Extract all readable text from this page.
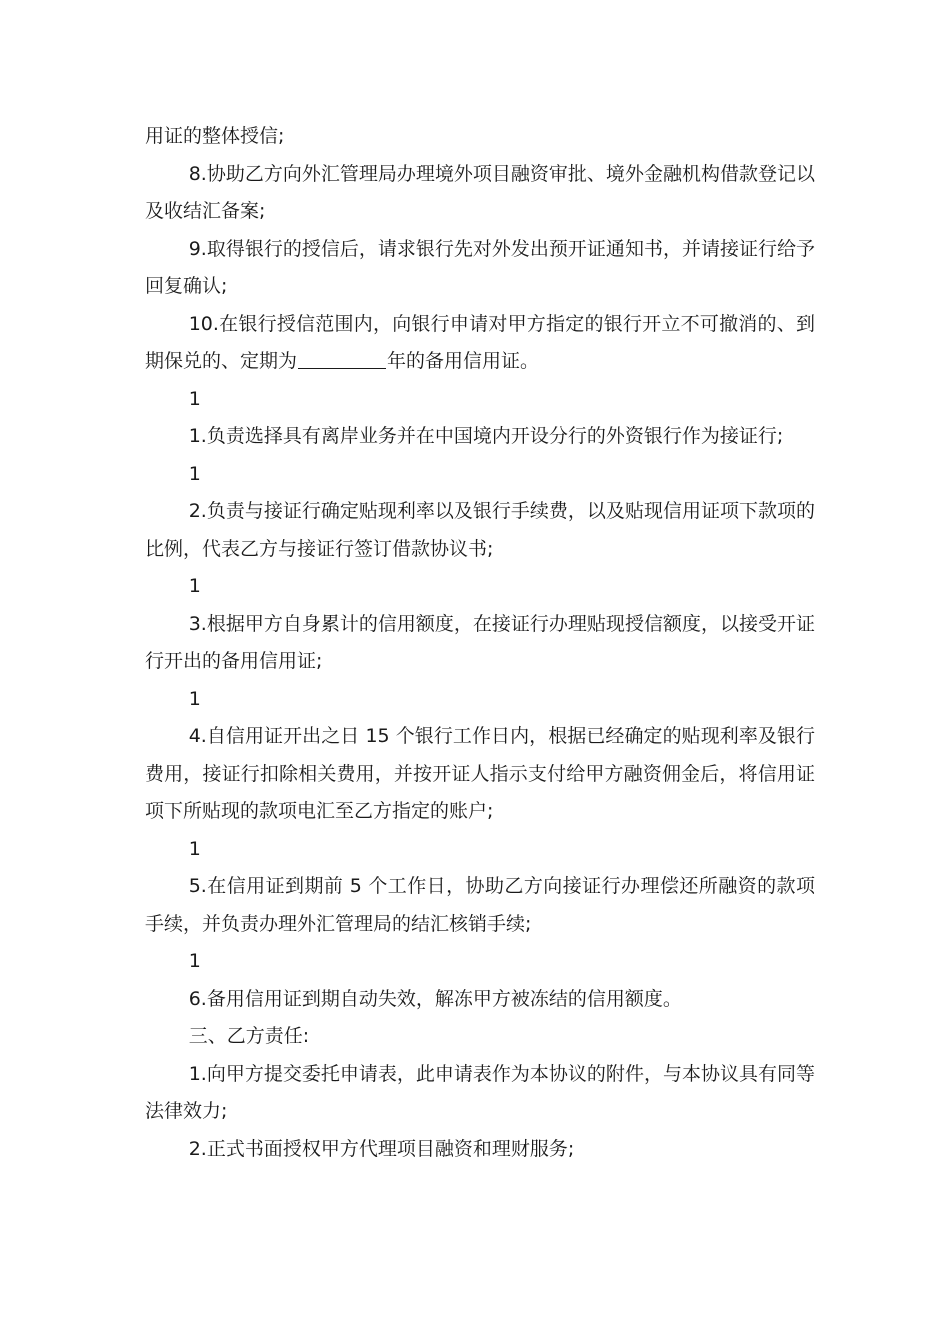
用证的整体授信;

8.协助乙方向外汇管理局办理境外项目融资审批、境外金融机构借款登记以及收结汇备案;

9.取得银行的授信后，请求银行先对外发出预开证通知书，并请接证行给予回复确认;

10.在银行授信范围内，向银行申请对甲方指定的银行开立不可撤消的、到期保兑的、定期为	年的备用信用证。

1

1.负责选择具有离岸业务并在中国境内开设分行的外资银行作为接证行;

1

2.负责与接证行确定贴现利率以及银行手续费，以及贴现信用证项下款项的比例，代表乙方与接证行签订借款协议书;

1

3.根据甲方自身累计的信用额度，在接证行办理贴现授信额度，以接受开证行开出的备用信用证;

1

4.自信用证开出之日 15 个银行工作日内，根据已经确定的贴现利率及银行费用，接证行扣除相关费用，并按开证人指示支付给甲方融资佣金后，将信用证项下所贴现的款项电汇至乙方指定的账户;

1

5.在信用证到期前 5 个工作日，协助乙方向接证行办理偿还所融资的款项手续，并负责办理外汇管理局的结汇核销手续;

1

6.备用信用证到期自动失效，解冻甲方被冻结的信用额度。

三、乙方责任:

1.向甲方提交委托申请表，此申请表作为本协议的附件，与本协议具有同等法律效力;

2.正式书面授权甲方代理项目融资和理财服务;
